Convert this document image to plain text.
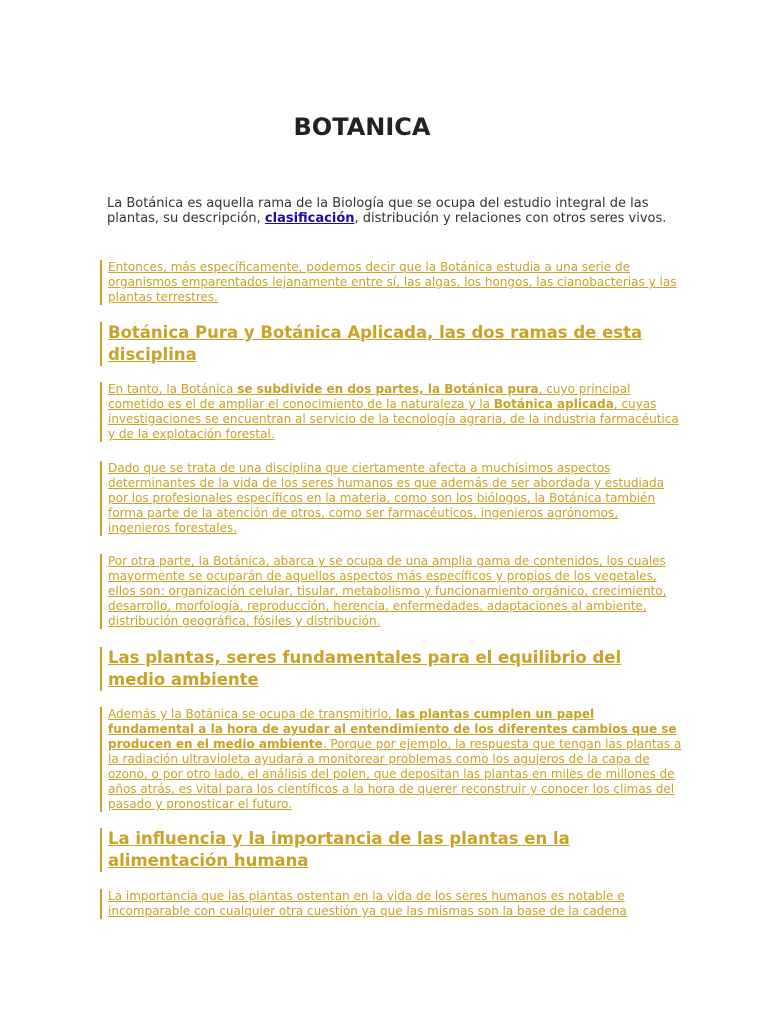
BOTANICA

La Botánica es aquella rama de la Biología que se ocupa del estudio integral de las plantas, su descripción, clasificación, distribución y relaciones con otros seres vivos.

Entonces, más específicamente, podemos decir que la Botánica estudia a una serie de organismos emparentados lejanamente entre sí, las algas, los hongos, las cianobacterias y las plantas terrestres.

Botánica Pura y Botánica Aplicada, las dos ramas de esta disciplina

En tanto, la Botánica se subdivide en dos partes, la Botánica pura, cuyo principal cometido es el de ampliar el conocimiento de la naturaleza y la Botánica aplicada, cuyas investigaciones se encuentran al servicio de la tecnología agraria, de la industria farmacéutica y de la explotación forestal.

Dado que se trata de una disciplina que ciertamente afecta a muchísimos aspectos determinantes de la vida de los seres humanos es que además de ser abordada y estudiada por los profesionales específicos en la materia, como son los biólogos, la Botánica también forma parte de la atención de otros, como ser farmacéuticos, ingenieros agrónomos, ingenieros forestales.

Por otra parte, la Botánica, abarca y se ocupa de una amplia gama de contenidos, los cuales mayormente se ocuparán de aquellos aspectos más específicos y propios de los vegetales, ellos son: organización celular, tisular, metabolismo y funcionamiento orgánico, crecimiento, desarrollo, morfología, reproducción, herencia, enfermedades, adaptaciones al ambiente, distribución geográfica, fósiles y distribución.

Las plantas, seres fundamentales para el equilibrio del medio ambiente

Además y la Botánica se ocupa de transmitirlo, las plantas cumplen un papel fundamental a la hora de ayudar al entendimiento de los diferentes cambios que se producen en el medio ambiente. Porque por ejemplo, la respuesta que tengan las plantas a la radiación ultravioleta ayudará a monitorear problemas como los agujeros de la capa de ozono, o por otro lado, el análisis del polen, que depositan las plantas en miles de millones de años atrás, es vital para los científicos a la hora de querer reconstruir y conocer los climas del pasado y pronosticar el futuro.

La influencia y la importancia de las plantas en la alimentación humana

La importancia que las plantas ostentan en la vida de los seres humanos es notable e incomparable con cualquier otra cuestión ya que las mismas son la base de la cadena
